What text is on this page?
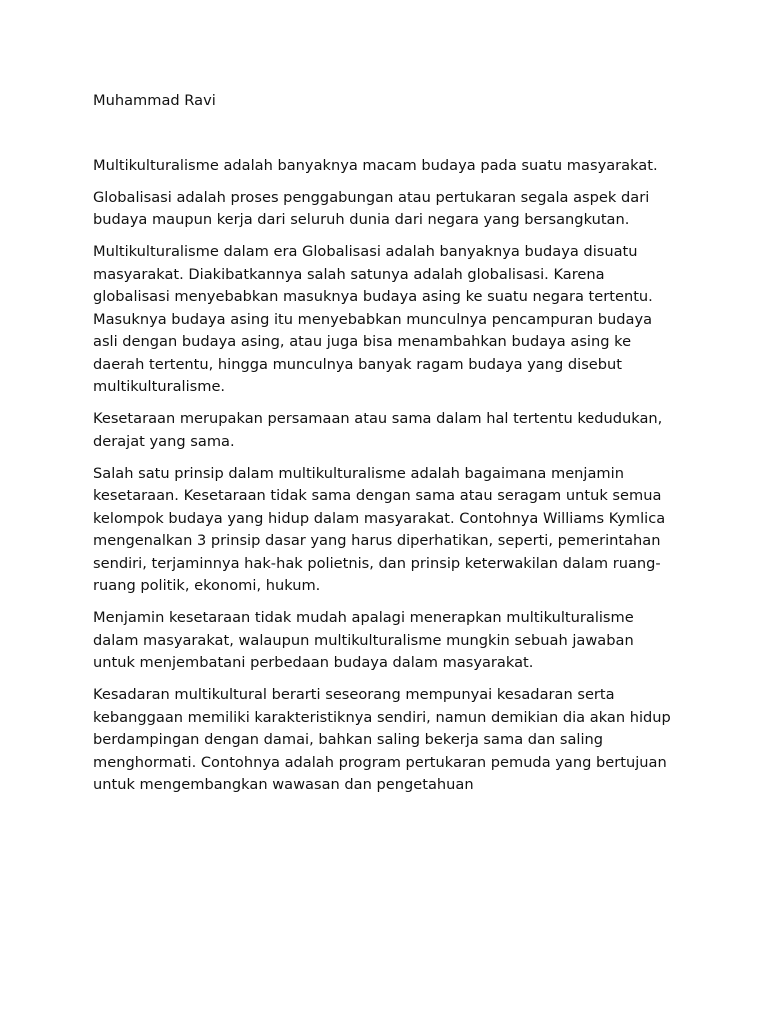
Muhammad Ravi

Multikulturalisme adalah banyaknya macam budaya pada suatu masyarakat.

Globalisasi adalah proses penggabungan atau pertukaran segala aspek dari
budaya maupun kerja dari seluruh dunia dari negara yang bersangkutan.

Multikulturalisme dalam era Globalisasi adalah banyaknya budaya disuatu
masyarakat. Diakibatkannya salah satunya adalah globalisasi. Karena
globalisasi menyebabkan masuknya budaya asing ke suatu negara tertentu.
Masuknya budaya asing itu menyebabkan munculnya pencampuran budaya
asli dengan budaya asing, atau juga bisa menambahkan budaya asing ke
daerah tertentu, hingga munculnya banyak ragam budaya yang disebut
multikulturalisme.

Kesetaraan merupakan persamaan atau sama dalam hal tertentu kedudukan,
derajat yang sama.

Salah satu prinsip dalam multikulturalisme adalah bagaimana menjamin
kesetaraan. Kesetaraan tidak sama dengan sama atau seragam untuk semua
kelompok budaya yang hidup dalam masyarakat. Contohnya Williams Kymlica
mengenalkan 3 prinsip dasar yang harus diperhatikan, seperti, pemerintahan
sendiri, terjaminnya hak-hak polietnis, dan prinsip keterwakilan dalam ruang-
ruang politik, ekonomi, hukum.

Menjamin kesetaraan tidak mudah apalagi menerapkan multikulturalisme
dalam masyarakat, walaupun multikulturalisme mungkin sebuah jawaban
untuk menjembatani perbedaan budaya dalam masyarakat.

Kesadaran multikultural berarti seseorang mempunyai kesadaran serta
kebanggaan memiliki karakteristiknya sendiri, namun demikian dia akan hidup
berdampingan dengan damai, bahkan saling bekerja sama dan saling
menghormati. Contohnya adalah program pertukaran pemuda yang bertujuan
untuk mengembangkan wawasan dan pengetahuan
